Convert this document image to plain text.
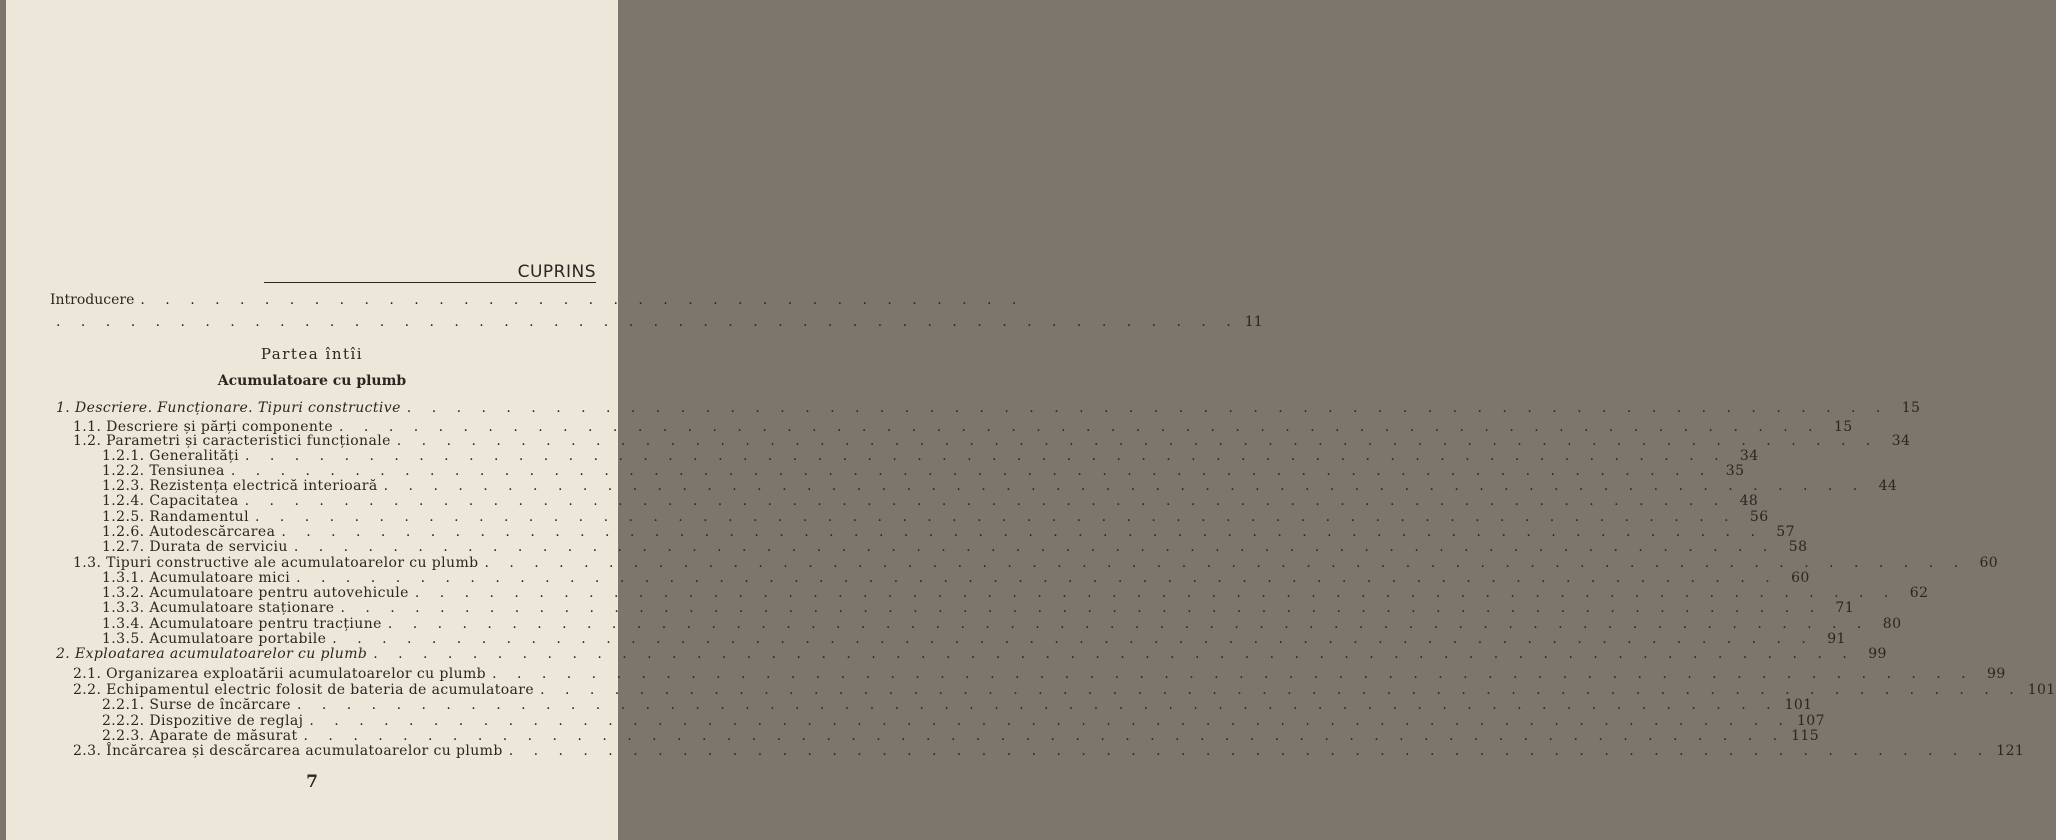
CUPRINS
Introducere . . . . . . . . . . . . . . . . . . . . . . . . . . . . . . . . . . . .
. . . . . . . . . . . . . . . . . . . . . . . . . . . . . . . . . . . . . . . . . . . . . . . . 11
Partea întîi
Acumulatoare cu plumb
1. Descriere. Funcționare. Tipuri constructive . . . . . . . . . . . . . . . . . . . . . . . . . . . . . . . . . . . . . . . . . . . . . . . . . . . . . . . . . . . . 15
1.1. Descriere și părți componente . . . . . . . . . . . . . . . . . . . . . . . . . . . . . . . . . . . . . . . . . . . . . . . . . . . . . . . . . . . . 15
1.2. Parametri și caracteristici funcționale . . . . . . . . . . . . . . . . . . . . . . . . . . . . . . . . . . . . . . . . . . . . . . . . . . . . . . . . . . . . 34
1.2.1. Generalități . . . . . . . . . . . . . . . . . . . . . . . . . . . . . . . . . . . . . . . . . . . . . . . . . . . . . . . . . . . . 34
1.2.2. Tensiunea . . . . . . . . . . . . . . . . . . . . . . . . . . . . . . . . . . . . . . . . . . . . . . . . . . . . . . . . . . . . 35
1.2.3. Rezistența electrică interioară . . . . . . . . . . . . . . . . . . . . . . . . . . . . . . . . . . . . . . . . . . . . . . . . . . . . . . . . . . . . 44
1.2.4. Capacitatea . . . . . . . . . . . . . . . . . . . . . . . . . . . . . . . . . . . . . . . . . . . . . . . . . . . . . . . . . . . . 48
1.2.5. Randamentul . . . . . . . . . . . . . . . . . . . . . . . . . . . . . . . . . . . . . . . . . . . . . . . . . . . . . . . . . . . . 56
1.2.6. Autodescărcarea . . . . . . . . . . . . . . . . . . . . . . . . . . . . . . . . . . . . . . . . . . . . . . . . . . . . . . . . . . . . 57
1.2.7. Durata de serviciu . . . . . . . . . . . . . . . . . . . . . . . . . . . . . . . . . . . . . . . . . . . . . . . . . . . . . . . . . . . . 58
1.3. Tipuri constructive ale acumulatoarelor cu plumb . . . . . . . . . . . . . . . . . . . . . . . . . . . . . . . . . . . . . . . . . . . . . . . . . . . . . . . . . . . . 60
1.3.1. Acumulatoare mici . . . . . . . . . . . . . . . . . . . . . . . . . . . . . . . . . . . . . . . . . . . . . . . . . . . . . . . . . . . . 60
1.3.2. Acumulatoare pentru autovehicule . . . . . . . . . . . . . . . . . . . . . . . . . . . . . . . . . . . . . . . . . . . . . . . . . . . . . . . . . . . . 62
1.3.3. Acumulatoare staționare . . . . . . . . . . . . . . . . . . . . . . . . . . . . . . . . . . . . . . . . . . . . . . . . . . . . . . . . . . . . 71
1.3.4. Acumulatoare pentru tracțiune . . . . . . . . . . . . . . . . . . . . . . . . . . . . . . . . . . . . . . . . . . . . . . . . . . . . . . . . . . . . 80
1.3.5. Acumulatoare portabile . . . . . . . . . . . . . . . . . . . . . . . . . . . . . . . . . . . . . . . . . . . . . . . . . . . . . . . . . . . . 91
2. Exploatarea acumulatoarelor cu plumb . . . . . . . . . . . . . . . . . . . . . . . . . . . . . . . . . . . . . . . . . . . . . . . . . . . . . . . . . . . . 99
2.1. Organizarea exploatării acumulatoarelor cu plumb . . . . . . . . . . . . . . . . . . . . . . . . . . . . . . . . . . . . . . . . . . . . . . . . . . . . . . . . . . . . 99
2.2. Echipamentul electric folosit de bateria de acumulatoare . . . . . . . . . . . . . . . . . . . . . . . . . . . . . . . . . . . . . . . . . . . . . . . . . . . . . . . . . . . . 101
2.2.1. Surse de încărcare . . . . . . . . . . . . . . . . . . . . . . . . . . . . . . . . . . . . . . . . . . . . . . . . . . . . . . . . . . . . 101
2.2.2. Dispozitive de reglaj . . . . . . . . . . . . . . . . . . . . . . . . . . . . . . . . . . . . . . . . . . . . . . . . . . . . . . . . . . . . 107
2.2.3. Aparate de măsurat . . . . . . . . . . . . . . . . . . . . . . . . . . . . . . . . . . . . . . . . . . . . . . . . . . . . . . . . . . . . 115
2.3. Încărcarea și descărcarea acumulatoarelor cu plumb . . . . . . . . . . . . . . . . . . . . . . . . . . . . . . . . . . . . . . . . . . . . . . . . . . . . . . . . . . . . 121
7
